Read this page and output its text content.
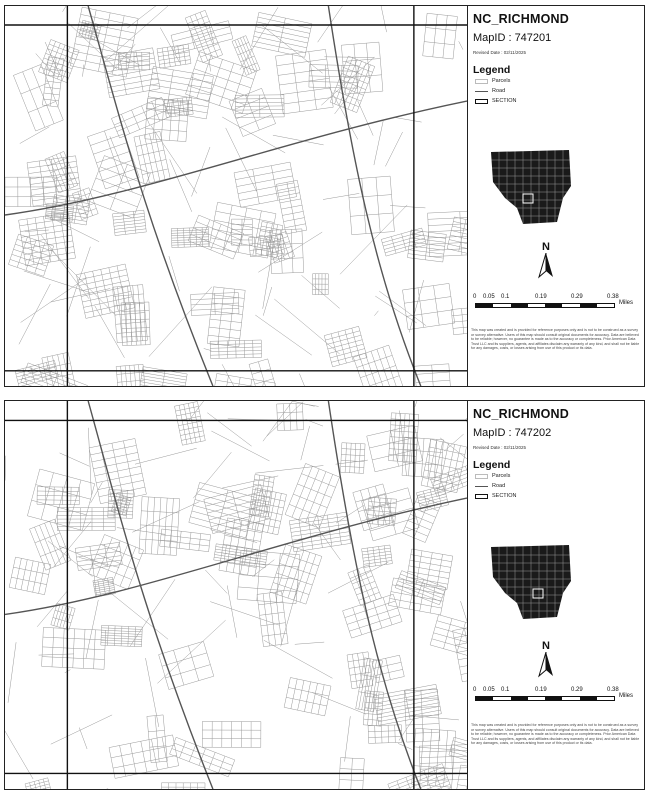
NC_RICHMOND
MapID : 747201
Revised Date : 02/11/2025
Legend
Parcels
Road
SECTION
N
0 0.05 0.1	0.19	0.29	0.38
Miles
This map was created and is provided for reference purposes only and is not to be construed as a survey or survey alternative. Users of this map should consult original documents for accuracy. Data are believed to be reliable; however, no guarantee is made as to the accuracy or completeness. Prior American Data Trust LLC and its suppliers, agents, and affiliates disclaim any warranty of any kind, and shall not be liable for any damages, costs, or losses arising from use of this product or its data.
NC_RICHMOND
MapID : 747202
Revised Date : 02/11/2025
Legend
Parcels
Road
SECTION
N
0 0.05 0.1	0.19	0.29	0.38
Miles
This map was created and is provided for reference purposes only and is not to be construed as a survey or survey alternative. Users of this map should consult original documents for accuracy. Data are believed to be reliable; however, no guarantee is made as to the accuracy or completeness. Prior American Data Trust LLC and its suppliers, agents, and affiliates disclaim any warranty of any kind, and shall not be liable for any damages, costs, or losses arising from use of this product or its data.
